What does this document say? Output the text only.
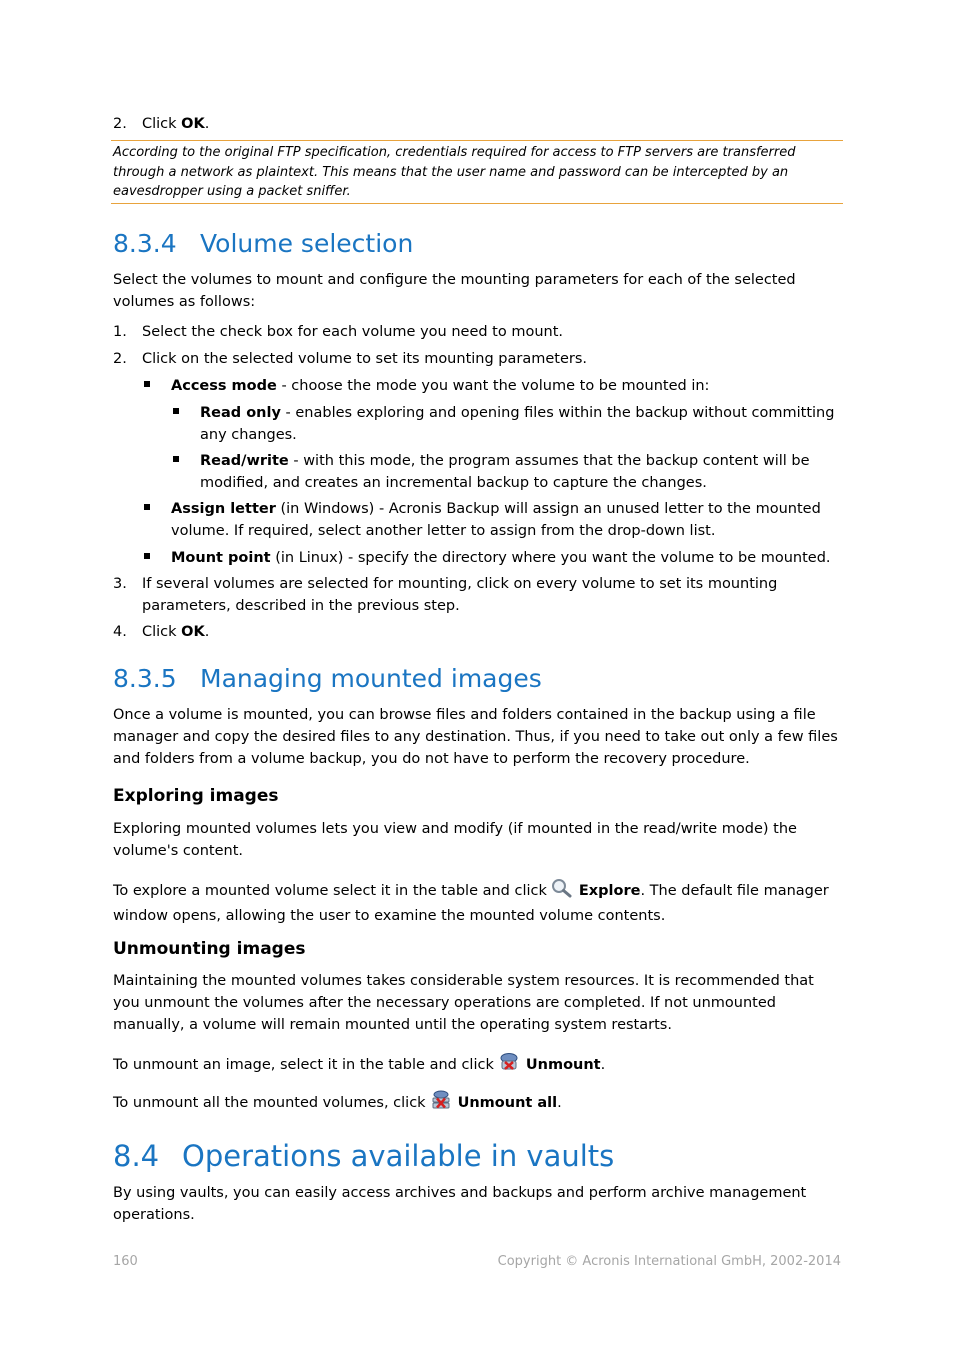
2. Click OK.

According to the original FTP specification, credentials required for access to FTP servers are transferred through a network as plaintext. This means that the user name and password can be intercepted by an eavesdropper using a packet sniffer.

8.3.4 Volume selection
Select the volumes to mount and configure the mounting parameters for each of the selected volumes as follows:
1. Select the check box for each volume you need to mount.
2. Click on the selected volume to set its mounting parameters.
Access mode - choose the mode you want the volume to be mounted in:
Read only - enables exploring and opening files within the backup without committing any changes.
Read/write - with this mode, the program assumes that the backup content will be modified, and creates an incremental backup to capture the changes.
Assign letter (in Windows) - Acronis Backup will assign an unused letter to the mounted volume. If required, select another letter to assign from the drop-down list.
Mount point (in Linux) - specify the directory where you want the volume to be mounted.
3. If several volumes are selected for mounting, click on every volume to set its mounting parameters, described in the previous step.
4. Click OK.
8.3.5 Managing mounted images
Once a volume is mounted, you can browse files and folders contained in the backup using a file manager and copy the desired files to any destination. Thus, if you need to take out only a few files and folders from a volume backup, you do not have to perform the recovery procedure.
Exploring images
Exploring mounted volumes lets you view and modify (if mounted in the read/write mode) the volume's content.
To explore a mounted volume select it in the table and click Explore. The default file manager window opens, allowing the user to examine the mounted volume contents.
Unmounting images
Maintaining the mounted volumes takes considerable system resources. It is recommended that you unmount the volumes after the necessary operations are completed. If not unmounted manually, a volume will remain mounted until the operating system restarts.
To unmount an image, select it in the table and click Unmount.
To unmount all the mounted volumes, click Unmount all.
8.4 Operations available in vaults
By using vaults, you can easily access archives and backups and perform archive management operations.
160	Copyright © Acronis International GmbH, 2002-2014
